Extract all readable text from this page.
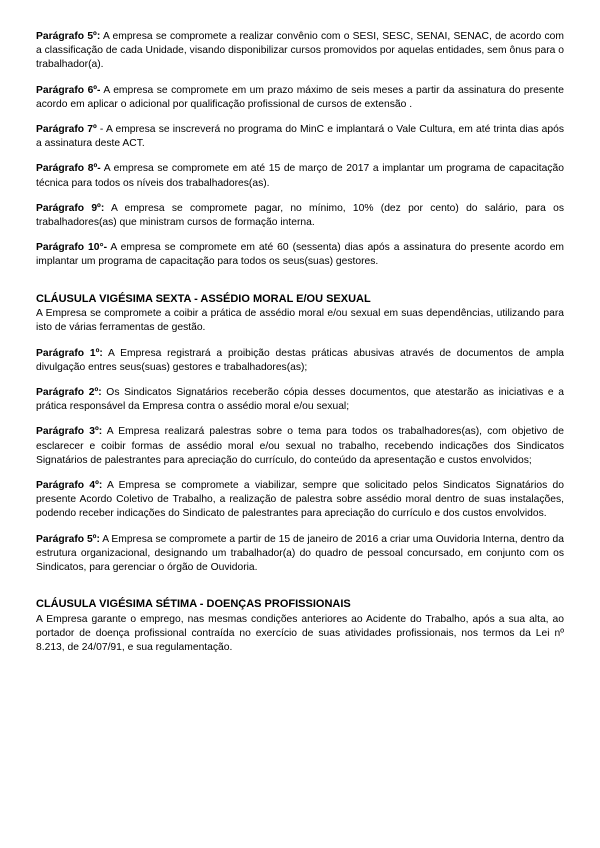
Parágrafo 5º: A empresa se compromete a realizar convênio com o SESI, SESC, SENAI, SENAC, de acordo com a classificação de cada Unidade, visando disponibilizar cursos promovidos por aquelas entidades, sem ônus para o trabalhador(a).

Parágrafo 6º- A empresa se compromete em um prazo máximo de seis meses a partir da assinatura do presente acordo em aplicar o adicional por qualificação profissional de cursos de extensão .

Parágrafo 7º - A empresa se inscreverá no programa do MinC e implantará o Vale Cultura, em até trinta dias após a assinatura deste ACT.

Parágrafo 8º- A empresa se compromete em até 15 de março de 2017 a implantar um programa de capacitação técnica para todos os níveis dos trabalhadores(as).

Parágrafo 9º: A empresa se compromete pagar, no mínimo, 10% (dez por cento) do salário, para os trabalhadores(as) que ministram cursos de formação interna.

Parágrafo 10°- A empresa se compromete em até 60 (sessenta) dias após a assinatura do presente acordo em implantar um programa de capacitação para todos os seus(suas) gestores.

CLÁUSULA VIGÉSIMA SEXTA - ASSÉDIO MORAL E/OU SEXUAL

A Empresa se compromete a coibir a prática de assédio moral e/ou sexual em suas dependências, utilizando para isto de várias ferramentas de gestão.

Parágrafo 1º: A Empresa registrará a proibição destas práticas abusivas através de documentos de ampla divulgação entres seus(suas) gestores e trabalhadores(as);

Parágrafo 2º: Os Sindicatos Signatários receberão cópia desses documentos, que atestarão as iniciativas e a prática responsável da Empresa contra o assédio moral e/ou sexual;

Parágrafo 3º: A Empresa realizará palestras sobre o tema para todos os trabalhadores(as), com objetivo de esclarecer e coibir formas de assédio moral e/ou sexual no trabalho, recebendo indicações dos Sindicatos Signatários de palestrantes para apreciação do currículo, do conteúdo da apresentação e custos envolvidos;

Parágrafo 4º: A Empresa se compromete a viabilizar, sempre que solicitado pelos Sindicatos Signatários do presente Acordo Coletivo de Trabalho, a realização de palestra sobre assédio moral dentro de suas instalações, podendo receber indicações do Sindicato de palestrantes para apreciação do currículo e dos custos envolvidos.

Parágrafo 5º: A Empresa se compromete a partir de 15 de janeiro de 2016 a criar uma Ouvidoria Interna, dentro da estrutura organizacional, designando um trabalhador(a) do quadro de pessoal concursado, em conjunto com os Sindicatos, para gerenciar o órgão de Ouvidoria.

CLÁUSULA VIGÉSIMA SÉTIMA - DOENÇAS PROFISSIONAIS

A Empresa garante o emprego, nas mesmas condições anteriores ao Acidente do Trabalho, após a sua alta, ao portador de doença profissional contraída no exercício de suas atividades profissionais, nos termos da Lei nº 8.213, de 24/07/91, e sua regulamentação.
